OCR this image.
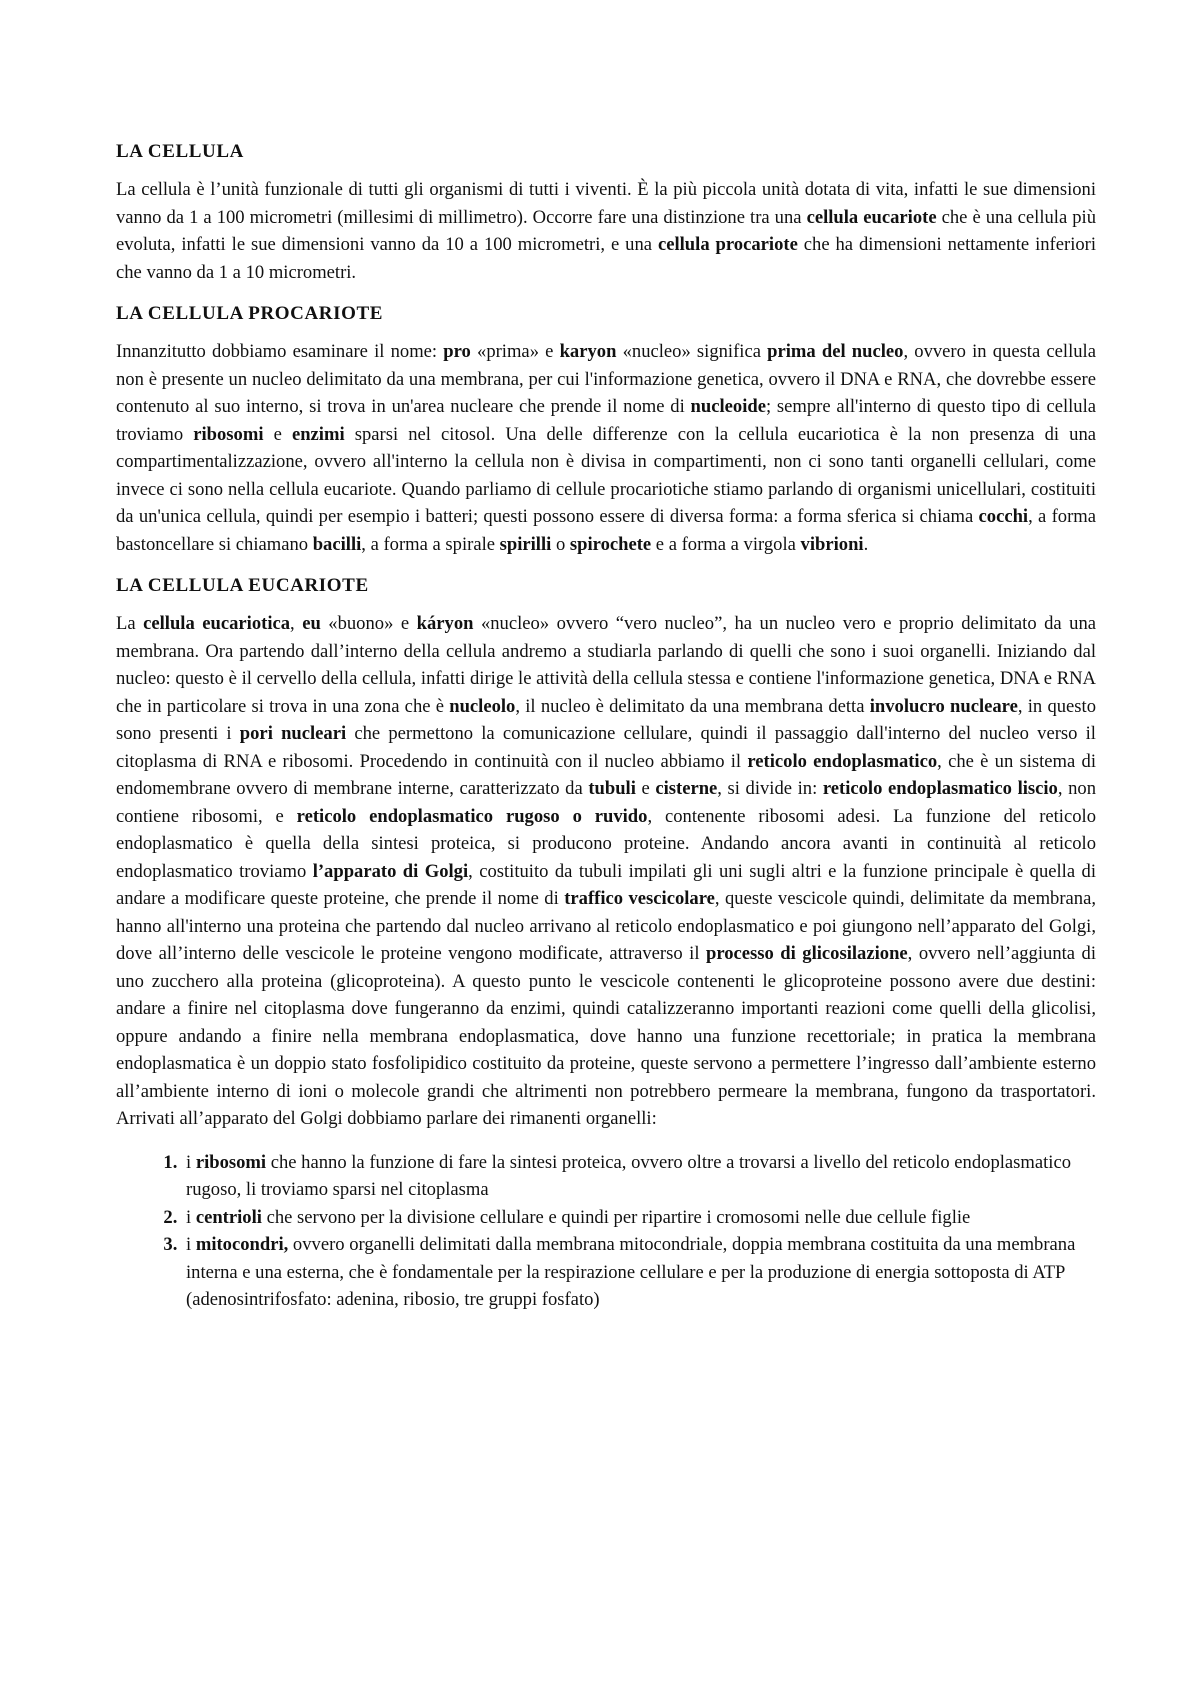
LA CELLULA

La cellula è l’unità funzionale di tutti gli organismi di tutti i viventi. È la più piccola unità dotata di vita, infatti le sue dimensioni vanno da 1 a 100 micrometri (millesimi di millimetro). Occorre fare una distinzione tra una cellula eucariote che è una cellula più evoluta, infatti le sue dimensioni vanno da 10 a 100 micrometri, e una cellula procariote che ha dimensioni nettamente inferiori che vanno da 1 a 10 micrometri.

LA CELLULA PROCARIOTE

Innanzitutto dobbiamo esaminare il nome: pro «prima» e karyon «nucleo» significa prima del nucleo, ovvero in questa cellula non è presente un nucleo delimitato da una membrana, per cui l'informazione genetica, ovvero il DNA e RNA, che dovrebbe essere contenuto al suo interno, si trova in un'area nucleare che prende il nome di nucleoide; sempre all'interno di questo tipo di cellula troviamo ribosomi e enzimi sparsi nel citosol. Una delle differenze con la cellula eucariotica è la non presenza di una compartimentalizzazione, ovvero all'interno la cellula non è divisa in compartimenti, non ci sono tanti organelli cellulari, come invece ci sono nella cellula eucariote. Quando parliamo di cellule procariotiche stiamo parlando di organismi unicellulari, costituiti da un'unica cellula, quindi per esempio i batteri; questi possono essere di diversa forma: a forma sferica si chiama cocchi, a forma bastoncellare si chiamano bacilli, a forma a spirale spirilli o spirochete e a forma a virgola vibrioni.

LA CELLULA EUCARIOTE

La cellula eucariotica, eu «buono» e káryon «nucleo» ovvero “vero nucleo”, ha un nucleo vero e proprio delimitato da una membrana. Ora partendo dall’interno della cellula andremo a studiarla parlando di quelli che sono i suoi organelli. Iniziando dal nucleo: questo è il cervello della cellula, infatti dirige le attività della cellula stessa e contiene l'informazione genetica, DNA e RNA che in particolare si trova in una zona che è nucleolo, il nucleo è delimitato da una membrana detta involucro nucleare, in questo sono presenti i pori nucleari che permettono la comunicazione cellulare, quindi il passaggio dall'interno del nucleo verso il citoplasma di RNA e ribosomi. Procedendo in continuità con il nucleo abbiamo il reticolo endoplasmatico, che è un sistema di endomembrane ovvero di membrane interne, caratterizzato da tubuli e cisterne, si divide in: reticolo endoplasmatico liscio, non contiene ribosomi, e reticolo endoplasmatico rugoso o ruvido, contenente ribosomi adesi. La funzione del reticolo endoplasmatico è quella della sintesi proteica, si producono proteine. Andando ancora avanti in continuità al reticolo endoplasmatico troviamo l’apparato di Golgi, costituito da tubuli impilati gli uni sugli altri e la funzione principale è quella di andare a modificare queste proteine, che prende il nome di traffico vescicolare, queste vescicole quindi, delimitate da membrana, hanno all'interno una proteina che partendo dal nucleo arrivano al reticolo endoplasmatico e poi giungono nell’apparato del Golgi, dove all’interno delle vescicole le proteine vengono modificate, attraverso il processo di glicosilazione, ovvero nell’aggiunta di uno zucchero alla proteina (glicoproteina). A questo punto le vescicole contenenti le glicoproteine possono avere due destini: andare a finire nel citoplasma dove fungeranno da enzimi, quindi catalizzeranno importanti reazioni come quelli della glicolisi, oppure andando a finire nella membrana endoplasmatica, dove hanno una funzione recettoriale; in pratica la membrana endoplasmatica è un doppio stato fosfolipidico costituito da proteine, queste servono a permettere l’ingresso dall’ambiente esterno all’ambiente interno di ioni o molecole grandi che altrimenti non potrebbero permeare la membrana, fungono da trasportatori. Arrivati all’apparato del Golgi dobbiamo parlare dei rimanenti organelli:

1. i ribosomi che hanno la funzione di fare la sintesi proteica, ovvero oltre a trovarsi a livello del reticolo endoplasmatico rugoso, li troviamo sparsi nel citoplasma
2. i centrioli che servono per la divisione cellulare e quindi per ripartire i cromosomi nelle due cellule figlie
3. i mitocondri, ovvero organelli delimitati dalla membrana mitocondriale, doppia membrana costituita da una membrana interna e una esterna, che è fondamentale per la respirazione cellulare e per la produzione di energia sottoposta di ATP (adenosintrifosfato: adenina, ribosio, tre gruppi fosfato)
